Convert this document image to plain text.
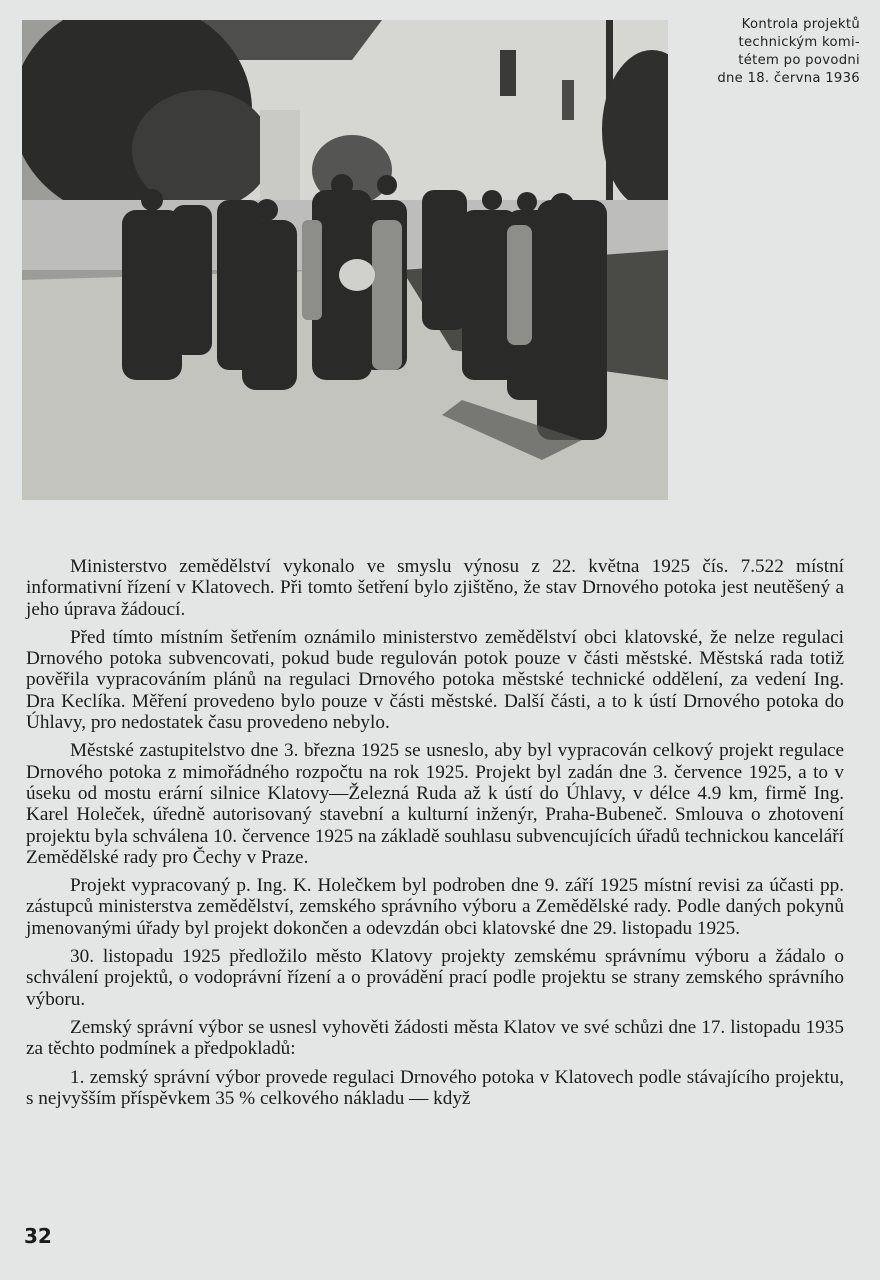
Kontrola projektů
technickým komi-
tétem po povodni
dne 18. června 1936

Ministerstvo zemědělství vykonalo ve smyslu výnosu z 22. května 1925 čís. 7.522 místní informativní řízení v Klatovech. Při tomto šetření bylo zjištěno, že stav Drnového potoka jest neutěšený a jeho úprava žádoucí.

Před tímto místním šetřením oznámilo ministerstvo zemědělství obci klatovské, že nelze regulaci Drnového potoka subvencovati, pokud bude regulován potok pouze v části městské. Městská rada totiž pověřila vypracováním plánů na regulaci Drnového potoka městské technické oddělení, za vedení Ing. Dra Keclíka. Měření provedeno bylo pouze v části městské. Další části, a to k ústí Drnového potoka do Úhlavy, pro nedostatek času provedeno nebylo.

Městské zastupitelstvo dne 3. března 1925 se usneslo, aby byl vypracován celkový projekt regulace Drnového potoka z mimořádného rozpočtu na rok 1925. Projekt byl zadán dne 3. července 1925, a to v úseku od mostu erární silnice Klatovy—Železná Ruda až k ústí do Úhlavy, v délce 4.9 km, firmě Ing. Karel Holeček, úředně autorisovaný stavební a kulturní inženýr, Praha-Bubeneč. Smlouva o zhotovení projektu byla schválena 10. července 1925 na základě souhlasu subvencujících úřadů technickou kanceláří Zemědělské rady pro Čechy v Praze.

Projekt vypracovaný p. Ing. K. Holečkem byl podroben dne 9. září 1925 místní revisi za účasti pp. zástupců ministerstva zemědělství, zemského správního výboru a Zemědělské rady. Podle daných pokynů jmenovanými úřady byl projekt dokončen a odevzdán obci klatovské dne 29. listopadu 1925.

30. listopadu 1925 předložilo město Klatovy projekty zemskému správnímu výboru a žádalo o schválení projektů, o vodoprávní řízení a o provádění prací podle projektu se strany zemského správního výboru.

Zemský správní výbor se usnesl vyhověti žádosti města Klatov ve své schůzi dne 17. listopadu 1935 za těchto podmínek a předpokladů:

1. zemský správní výbor provede regulaci Drnového potoka v Klatovech podle stávajícího projektu, s nejvyšším příspěvkem 35 % celkového nákladu — když

32
